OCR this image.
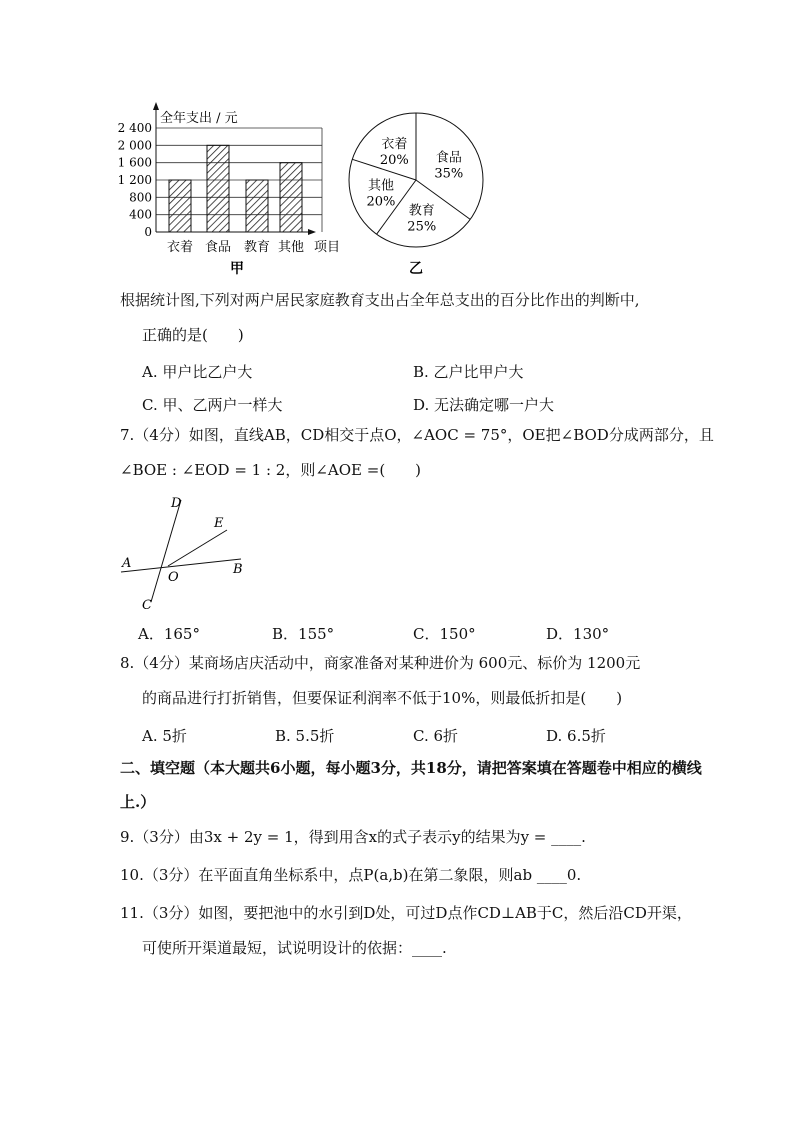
全年支出 / 元
2 400
2 000
1 600
1 200
800
400
0
衣着 食品 教育 其他 项目
甲
衣着
20% 食品
35%
教育
25%
其他
20%
乙
根据统计图,下列对两户居民家庭教育支出占全年总支出的百分比作出的判断中,
正确的是(　　)
A. 甲户比乙户大	B. 乙户比甲户大
C. 甲、乙两户一样大	D. 无法确定哪一户大
7.（4分）如图，直线AB，CD相交于点O，∠AOC = 75°，OE把∠BOD分成两部分，且
∠BOE : ∠EOD = 1 : 2，则∠AOE =(　　)
D
E
A
O
B
C
A．165°	B．155°	C．150°	D．130°
8.（4分）某商场店庆活动中，商家准备对某种进价为 600元、标价为 1200元
的商品进行打折销售，但要保证利润率不低于10%，则最低折扣是(　　)
A. 5折	B. 5.5折	C. 6折	D. 6.5折
二、填空题（本大题共6小题，每小题3分，共18分，请把答案填在答题卷中相应的横线
上.）
9.（3分）由3x + 2y = 1，得到用含x的式子表示y的结果为y = ____.
10.（3分）在平面直角坐标系中，点P(a,b)在第二象限，则ab ____0.
11.（3分）如图，要把池中的水引到D处，可过D点作CD⊥AB于C，然后沿CD开渠，
可使所开渠道最短，试说明设计的依据：____.
